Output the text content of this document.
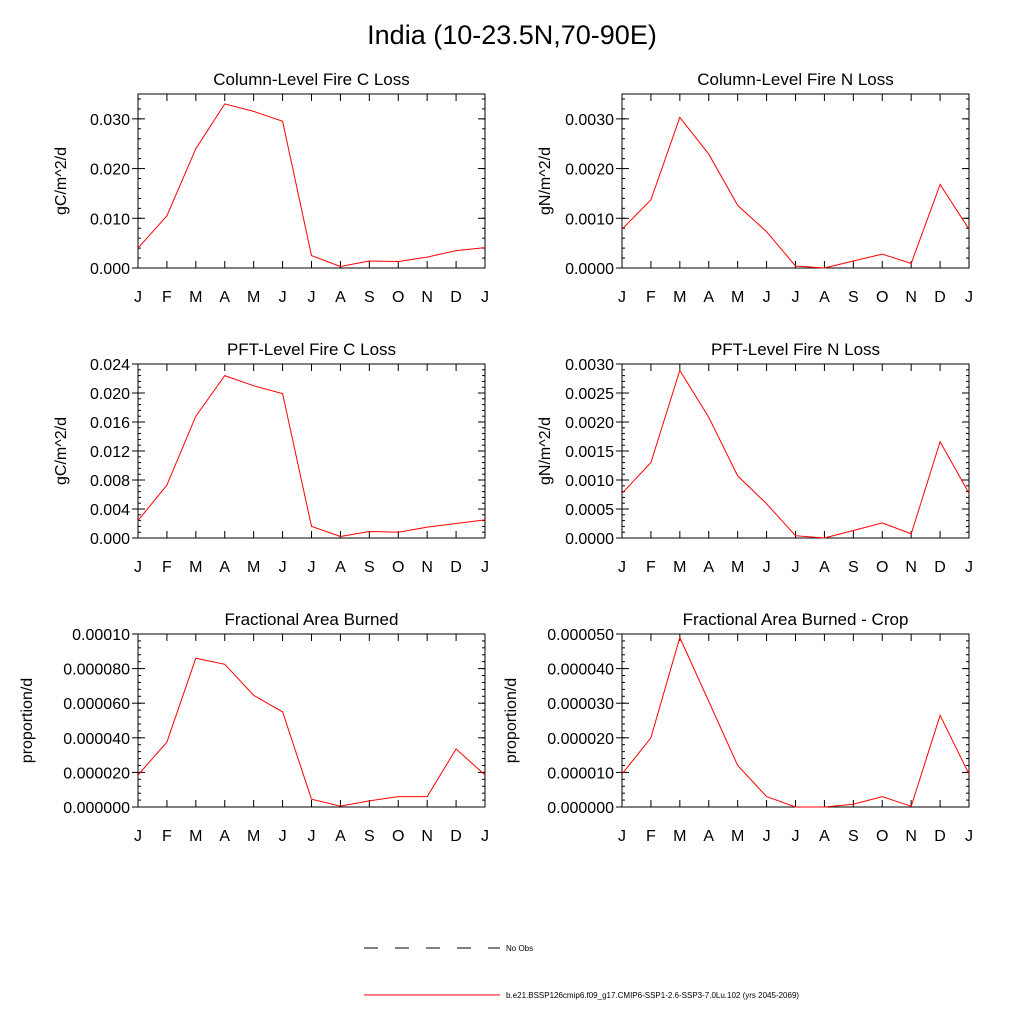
India (10-23.5N,70-90E)
Column-Level Fire C Loss
J F M A M J J A S O N D J
0.000
0.010
0.020
0.030
gC/m^2/d
Column-Level Fire N Loss
J F M A M J J A S O N D J
0.0000
0.0010
0.0020
0.0030
gN/m^2/d
PFT-Level Fire C Loss
J F M A M J J A S O N D J
0.000
0.004
0.008
0.012
0.016
0.020
0.024
gC/m^2/d
PFT-Level Fire N Loss
J F M A M J J A S O N D J
0.0000
0.0005
0.0010
0.0015
0.0020
0.0025
0.0030
gN/m^2/d
Fractional Area Burned
J F M A M J J A S O N D J
0.000000
0.000020
0.000040
0.000060
0.000080
0.00010
proportion/d
Fractional Area Burned - Crop
J F M A M J J A S O N D J
0.000000
0.000010
0.000020
0.000030
0.000040
0.000050
proportion/d
No Obs
b.e21.BSSP126cmip6.f09_g17.CMIP6-SSP1-2.6-SSP3-7.0Lu.102 (yrs 2045-2069)
